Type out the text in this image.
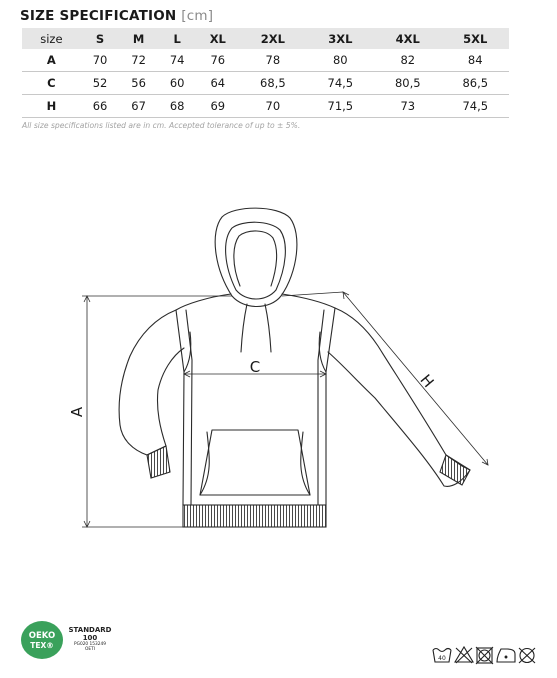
SIZE SPECIFICATION [cm]
size	S	M	L	XL	2XL	3XL	4XL	5XL
A	70	72	74	76	78	80	82	84
C	52	56	60	64	68,5	74,5	80,5	86,5
H	66	67	68	69	70	71,5	73	74,5
All size specifications listed are in cm. Accepted tolerance of up to ± 5%.
A
C
H
OEKO
TEX®
STANDARD
100
PG020 153249
OETI
40
